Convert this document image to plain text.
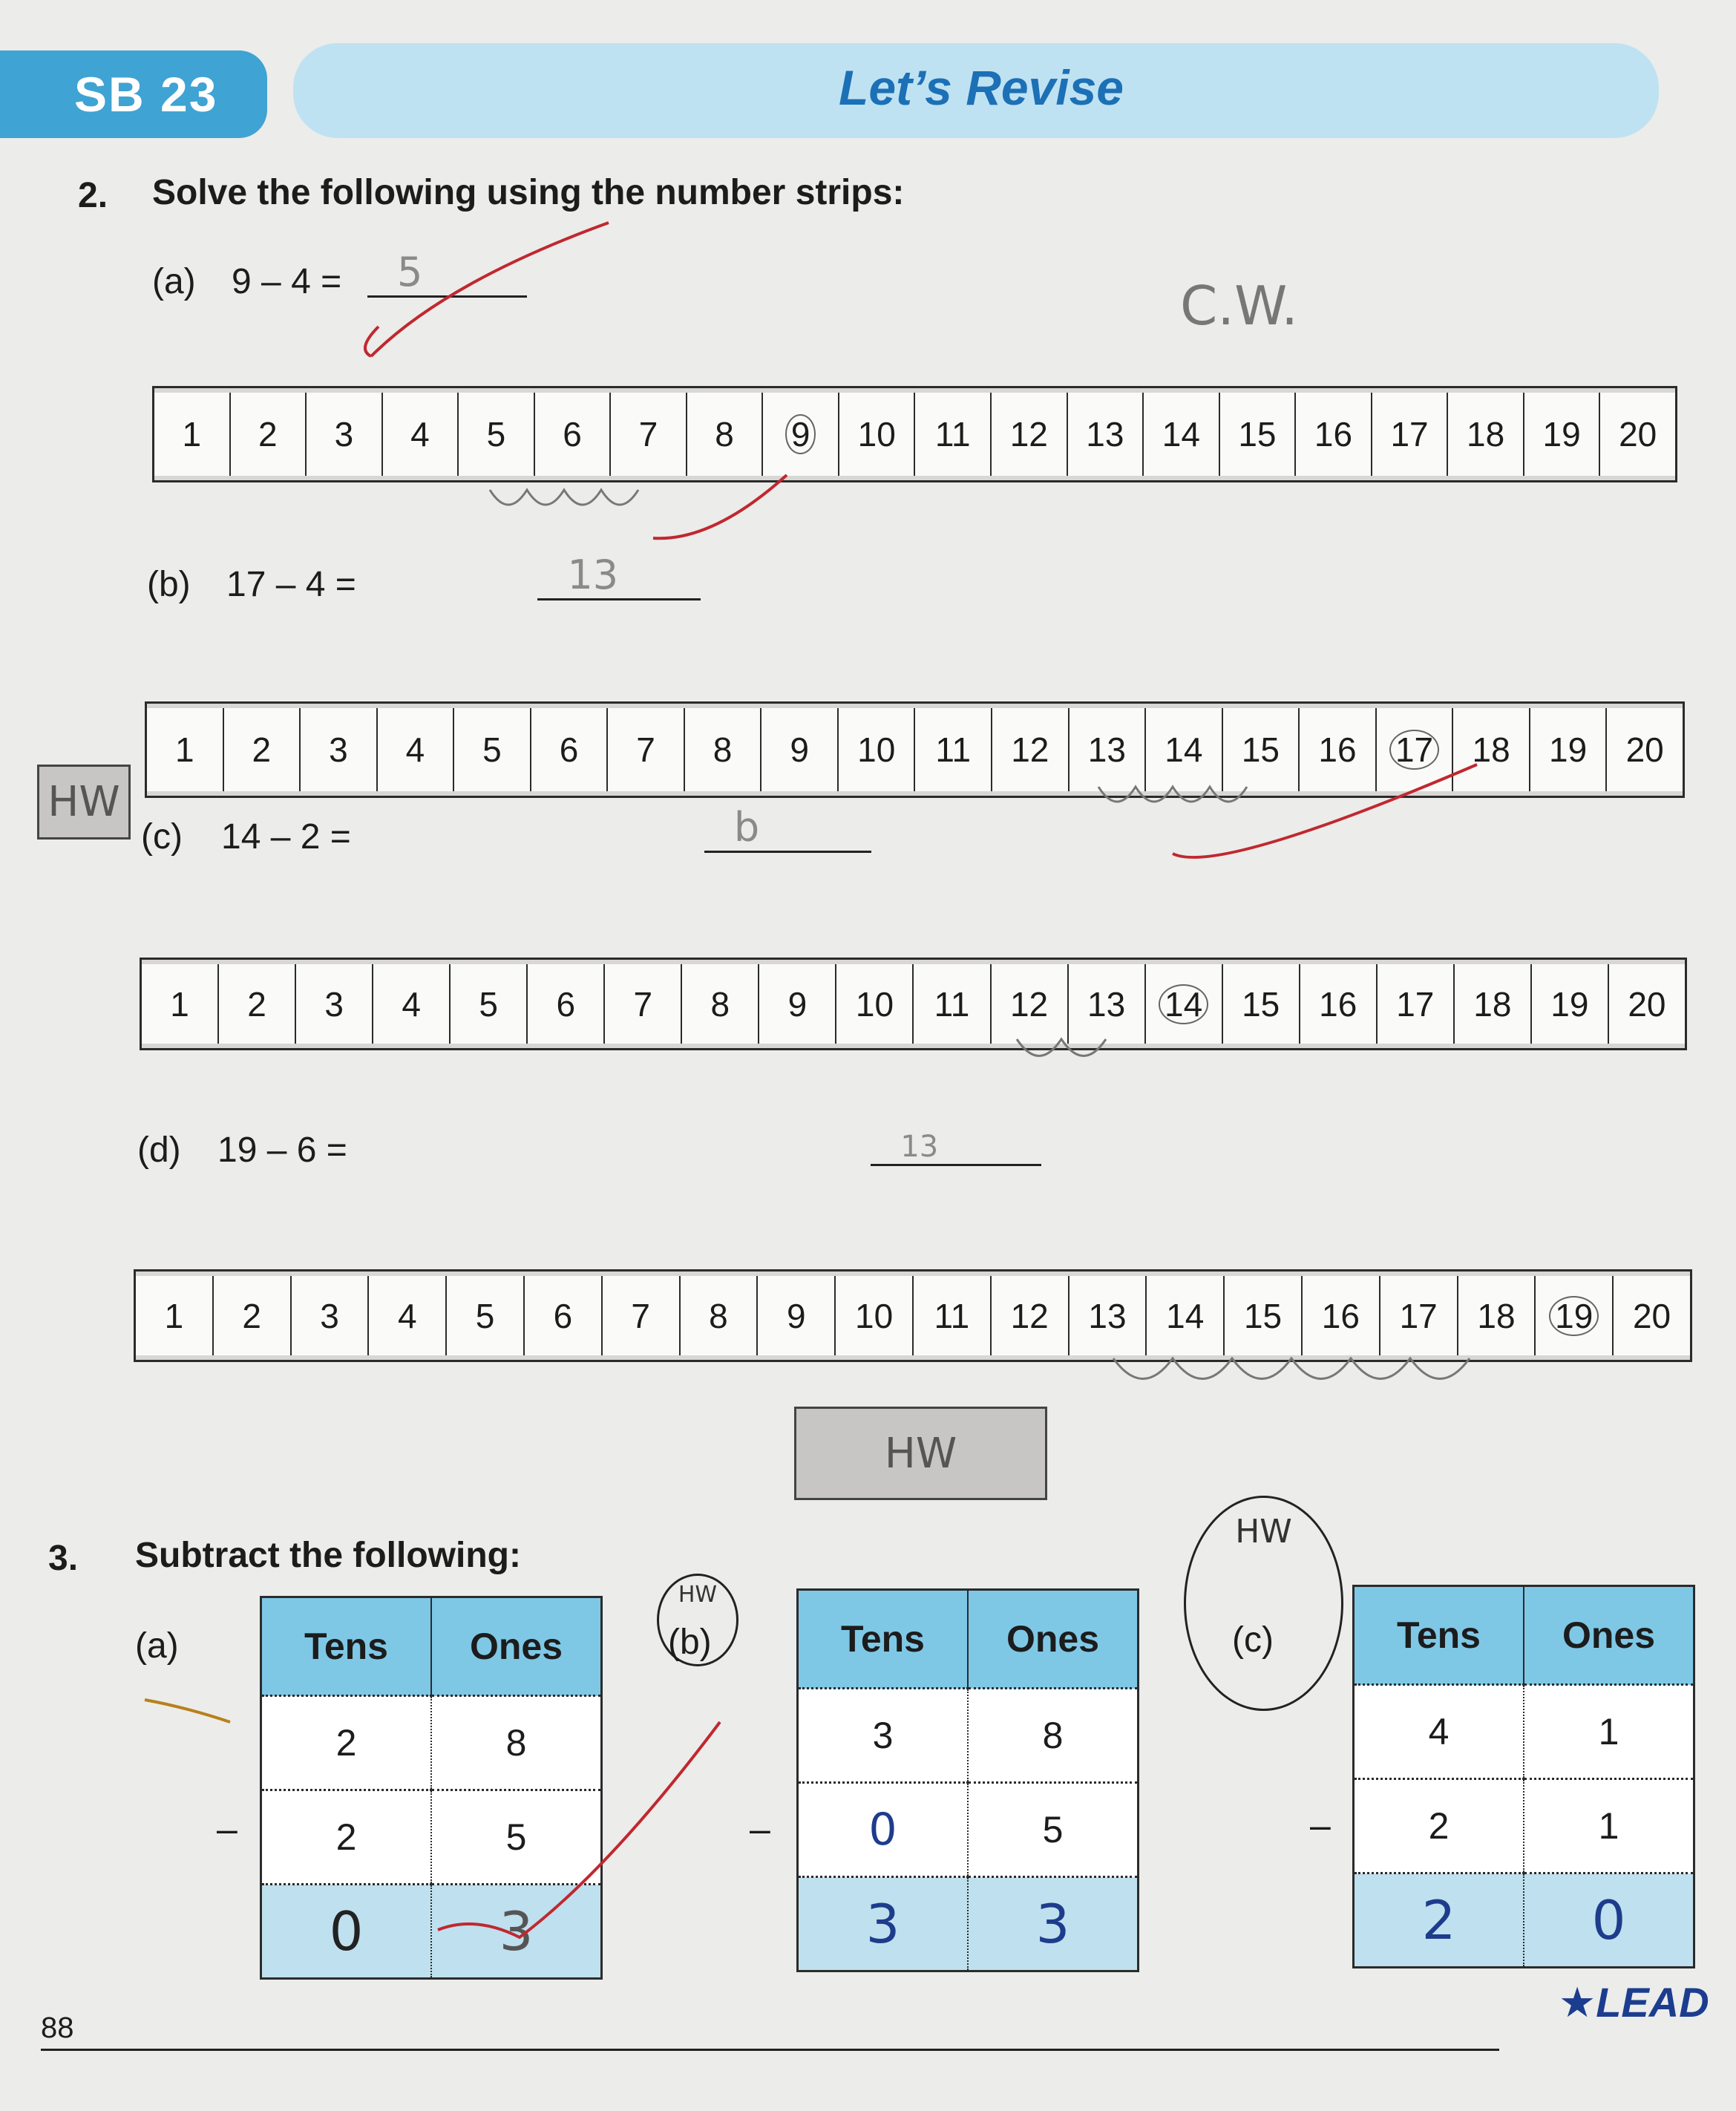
SB 23	Let’s Revise
2. Solve the following using the number strips:
C.W.
(a) 9 – 4 = 5

1 2 3 4 5 6 7 8 9 10 11 12 13 14 15 16 17 18 19 20
(b) 17 – 4 =	13

1 2 3 4 5 6 7 8 9 10 11 12 13 14 15 16 17 18 19 20
HW
(c) 14 – 2 =	b

1 2 3 4 5 6 7 8 9 10 11 12 13 14 15 16 17 18 19 20
(d) 19 – 6 =	13
1 2 3 4 5 6 7 8 9 10 11 12 13 14 15 16 17 18 19 20
HW
3. Subtract the following:
(a)
–
Tens	Ones
2	8
2	5
0	3
HW
(b)
–
Tens	Ones
3	8
0	5
3	3
HW
(c)
–
Tens	Ones
4	1
2	1
2	0
88
★LEAD
